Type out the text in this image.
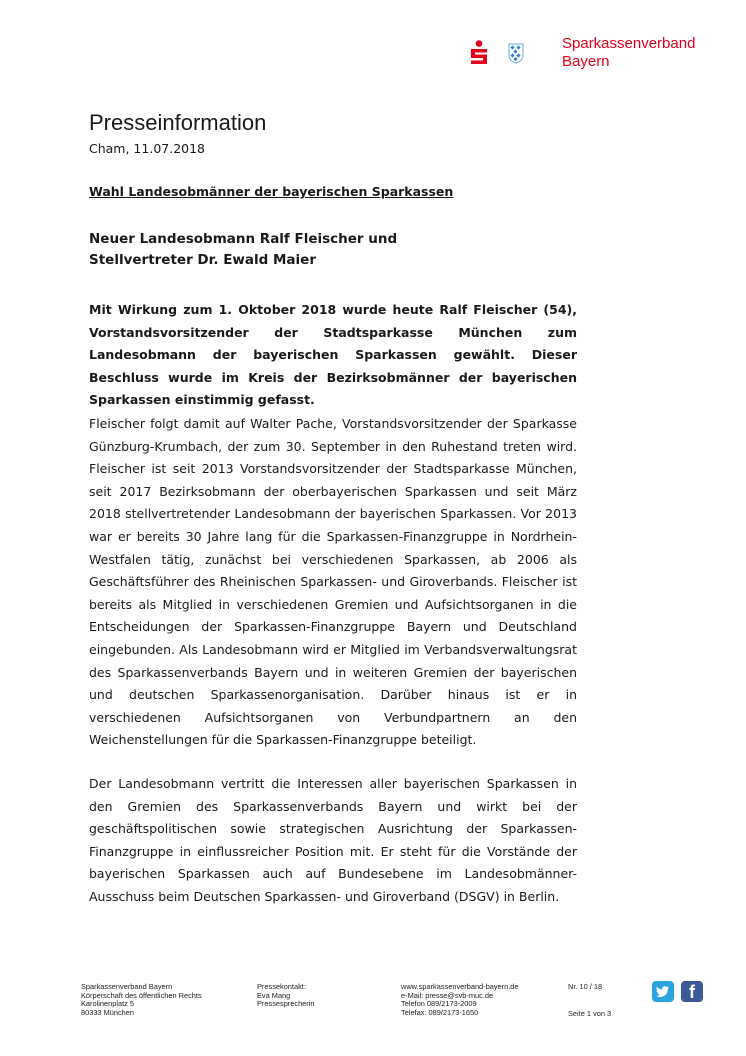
Sparkassenverband
Bayern
Presseinformation
Cham, 11.07.2018
Wahl Landesobmänner der bayerischen Sparkassen
Neuer Landesobmann Ralf Fleischer und
Stellvertreter Dr. Ewald Maier
Mit Wirkung zum 1. Oktober 2018 wurde heute Ralf Fleischer (54), Vorstandsvorsitzender der Stadtsparkasse München zum Landesobmann der bayerischen Sparkassen gewählt. Dieser Beschluss wurde im Kreis der Bezirksobmänner der bayerischen Sparkassen einstimmig gefasst.
Fleischer folgt damit auf Walter Pache, Vorstandsvorsitzender der Sparkasse Günzburg-Krumbach, der zum 30. September in den Ruhestand treten wird. Fleischer ist seit 2013 Vorstandsvorsitzender der Stadtsparkasse München, seit 2017 Bezirksobmann der oberbayerischen Sparkassen und seit März 2018 stellvertretender Landesobmann der bayerischen Sparkassen. Vor 2013 war er bereits 30 Jahre lang für die Sparkassen-Finanzgruppe in Nordrhein-Westfalen tätig, zunächst bei verschiedenen Sparkassen, ab 2006 als Geschäftsführer des Rheinischen Sparkassen- und Giroverbands. Fleischer ist bereits als Mitglied in verschiedenen Gremien und Aufsichtsorganen in die Entscheidungen der Sparkassen-Finanzgruppe Bayern und Deutschland eingebunden. Als Landesobmann wird er Mitglied im Verbandsverwaltungsrat des Sparkassenverbands Bayern und in weiteren Gremien der bayerischen und deutschen Sparkassenorganisation. Darüber hinaus ist er in verschiedenen Aufsichtsorganen von Verbundpartnern an den Weichenstellungen für die Sparkassen-Finanzgruppe beteiligt.
Der Landesobmann vertritt die Interessen aller bayerischen Sparkassen in den Gremien des Sparkassenverbands Bayern und wirkt bei der geschäftspolitischen sowie strategischen Ausrichtung der Sparkassen-Finanzgruppe in einflussreicher Position mit. Er steht für die Vorstände der bayerischen Sparkassen auch auf Bundesebene im Landesobmänner-Ausschuss beim Deutschen Sparkassen- und Giroverband (DSGV) in Berlin.
Sparkassenverband Bayern
Körperschaft des öffentlichen Rechts
Karolinenplatz 5
80333 München
Pressekontakt:
Eva Mang
Pressesprecherin
www.sparkassenverband-bayern.de
e-Mail: presse@svb-muc.de
Telefon 089/2173-2009
Telefax: 089/2173-1650
Nr. 10 / 18
Seite 1 von 3
f
